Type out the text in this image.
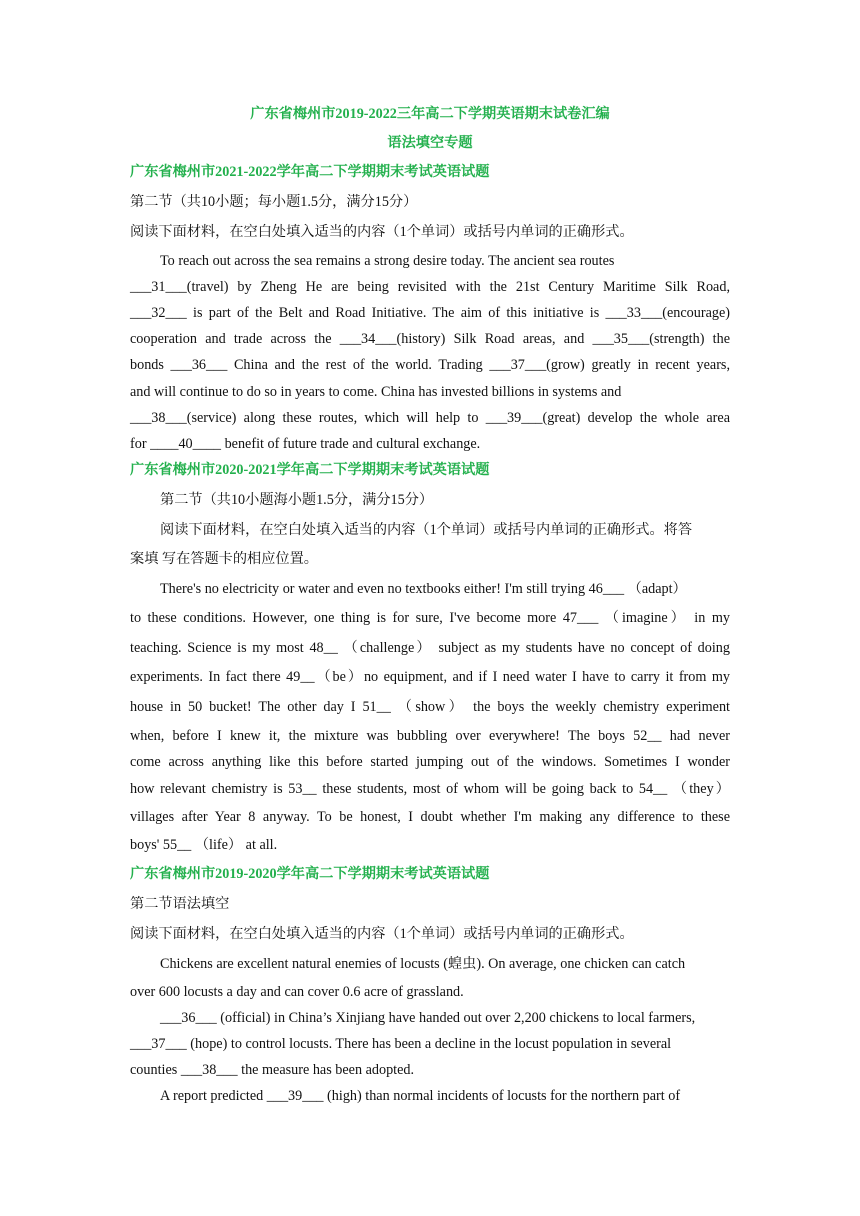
广东省梅州市2019-2022三年高二下学期英语期末试卷汇编
语法填空专题
广东省梅州市2021-2022学年高二下学期期末考试英语试题
第二节（共10小题；每小题1.5分，满分15分）
阅读下面材料，在空白处填入适当的内容（1个单词）或括号内单词的正确形式。
To reach out across the sea remains a strong desire today. The ancient sea routes
___31___(travel) by Zheng He are being revisited with the 21st Century Maritime Silk Road,
___32___ is part of the Belt and Road Initiative. The aim of this initiative is ___33___(encourage)
cooperation and trade across the ___34___(history) Silk Road areas, and ___35___(strength) the
bonds ___36___ China and the rest of the world. Trading ___37___(grow) greatly in recent years,
and will continue to do so in years to come. China has invested billions in systems and
___38___(service) along these routes, which will help to ___39___(great) develop the whole area
for ____40____ benefit of future trade and cultural exchange.
广东省梅州市2020-2021学年高二下学期期末考试英语试题
第二节（共10小题海小题1.5分，满分15分）
阅读下面材料，在空白处填入适当的内容（1个单词）或括号内单词的正确形式。将答
案填 写在答题卡的相应位置。
There's no electricity or water and even no textbooks either! I'm still trying 46___ （adapt）
to these conditions. However, one thing is for sure, I've become more 47___ （imagine） in my
teaching. Science is my most 48__ （challenge） subject as my students have no concept of doing
experiments. In fact there 49__（be）no equipment, and if I need water I have to carry it from my
house in 50 bucket! The other day I 51__ （show） the boys the weekly chemistry experiment
when, before I knew it, the mixture was bubbling over everywhere! The boys 52__ had never
come across anything like this before started jumping out of the windows. Sometimes I wonder
how relevant chemistry is 53__ these students, most of whom will be going back to 54__ （they）
villages after Year 8 anyway. To be honest, I doubt whether I'm making any difference to these
boys' 55__ （life） at all.
广东省梅州市2019-2020学年高二下学期期末考试英语试题
第二节语法填空
阅读下面材料，在空白处填入适当的内容（1个单词）或括号内单词的正确形式。
Chickens are excellent natural enemies of locusts (蝗虫). On average, one chicken can catch
over 600 locusts a day and can cover 0.6 acre of grassland.
___36___ (official) in China’s Xinjiang have handed out over 2,200 chickens to local farmers,
___37___ (hope) to control locusts. There has been a decline in the locust population in several
counties ___38___ the measure has been adopted.
A report predicted ___39___ (high) than normal incidents of locusts for the northern part of
